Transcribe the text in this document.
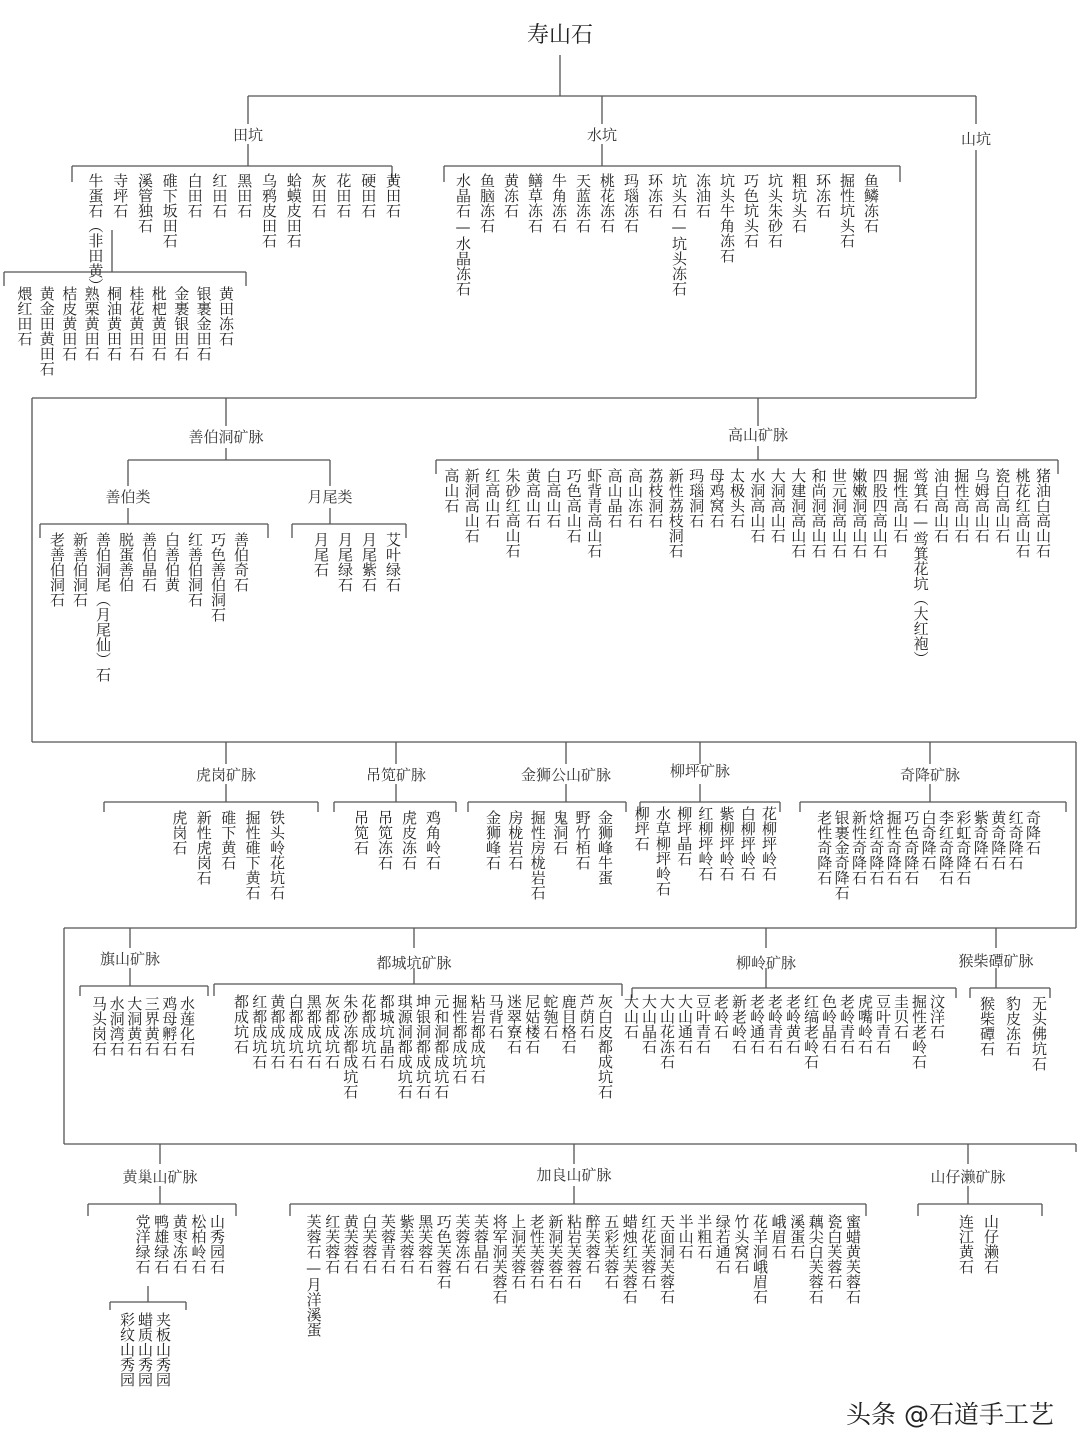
寿山石
田坑	水坑	山坑
善伯洞矿脉	高山矿脉
善伯类	月尾类
虎岗矿脉	吊笕矿脉	金狮公山矿脉	柳坪矿脉	奇降矿脉
旗山矿脉	都城坑矿脉	柳岭矿脉	猴柴磹矿脉
黄巢山矿脉	加良山矿脉	山仔濑矿脉
黄田石
硬田石
花田石
灰田石
蛤蟆皮田石
乌鸦皮田石
黑田石
红田石
白田石
碓下坂田石
溪管独石
寺坪石
牛蛋石（非田黄）
黄田冻石
银裹金田石
金裹银田石
枇杷黄田石
桂花黄田石
桐油黄田石
熟栗黄田石
桔皮黄田石
黄金田黄田石
煨红田石
鱼鳞冻石
掘性坑头石
环冻石
粗坑头石
坑头朱砂石
巧色坑头石
坑头牛角冻石
冻油石
坑头石—坑头冻石
环冻石
玛瑙冻石
桃花冻石
天蓝冻石
牛角冻石
鳝草冻石
黄冻石
鱼脑冻石
水晶石—水晶冻石
善伯奇石
巧色善伯洞石
红善伯洞石
白善伯黄
善伯晶石
脱蛋善伯
善伯洞尾（月尾仙）石
新善伯洞石
老善伯洞石	艾叶绿石
月尾紫石
月尾绿石
月尾石	猪油白高山石
桃花红高山石
瓷白高山石
乌姆高山石
掘性高山石
油白高山石
鸴箕石—鸴箕花坑（大红袍）
掘性高山石
四股四高山石
嫩嫩洞高山石
世元洞高山石
和尚洞高山石
大建洞高山石
大洞高山石
水洞高山石
太极头石
母鸡窝石
玛瑙洞石
新性荔枝洞石
荔枝洞石
高山冻石
高山晶石
虾背青高山石
巧色高山石
白高山石
黄高山石
朱砂红高山石
红高山石
新洞高山石
高山石
铁头岭花坑石
掘性碓下黄石
碓下黄石
新性虎岗石
虎岗石	鸡角岭石
虎皮冻石
吊笕冻石
吊笕石	金狮峰牛蛋
野竹栢石
鬼洞石
掘性房栊岩石
房栊岩石
金狮峰石	花柳坪岭石
白柳坪岭石
紫柳坪岭石
红柳坪岭石
柳坪晶石
水草柳坪岭石
柳坪石	奇降石
红奇降石
黄奇降石
紫奇降石
彩虹奇降石
李红奇降石
白奇降石
巧色奇降石
掘性奇降石
焓红奇降石
新性奇降石
银裹金奇降石
老性奇降石
水莲化石
鸡母孵石
三界黄石
大洞黄石
水洞湾石
马头岗石	灰白皮都成坑石
芦荫石
鹿目格石
蛇匏石
尼姑楼石
迷翠寮石
马背石
粘岩都成坑石
掘性都成坑石
元和洞都成坑石
坤银洞都成坑石
琪源洞都成坑石
都城坑晶石
花都成坑石
朱砂冻都成坑石
灰都成坑石
黑都成坑石
白都成坑石
黄都成坑石
红都成坑石
都成坑石	汶洋石
掘性老岭石
圭贝石
豆叶青石
虎嘴岭石
老岭青石
色岭晶石
红缟老岭石
老岭黄石
老岭青石
老岭通石
新老岭石
老岭石
豆叶青石
大山通石
大山花冻石
大山晶石
大山石	无头佛坑石
豹皮冻石
猴柴磹石
山秀园石
松柏岭石
黄枣冻石
鸭雄绿石
党洋绿石
夹板山秀园
蜡质山秀园
彩纹山秀园
蜜蜡黄芙蓉石
瓷白芙蓉石
藕尖白芙蓉石
溪蛋石
峨眉石
花羊洞峨眉石
竹头窝石
绿若通石
半粗石
半山石
天面洞芙蓉石
红花芙蓉石
蜡烛红芙蓉石
五彩芙蓉石
醉芙蓉石
粘岩芙蓉石
新洞芙蓉石
老性芙蓉石
上洞芙蓉石
将军洞芙蓉石
芙蓉晶石
芙蓉冻石
巧色芙蓉石
黑芙蓉石
紫芙蓉石
芙蓉青石
白芙蓉石
黄芙蓉石
红芙蓉石
芙蓉石—月洋溪蛋	山仔濑石
连江黄石
头条 @石道手工艺
